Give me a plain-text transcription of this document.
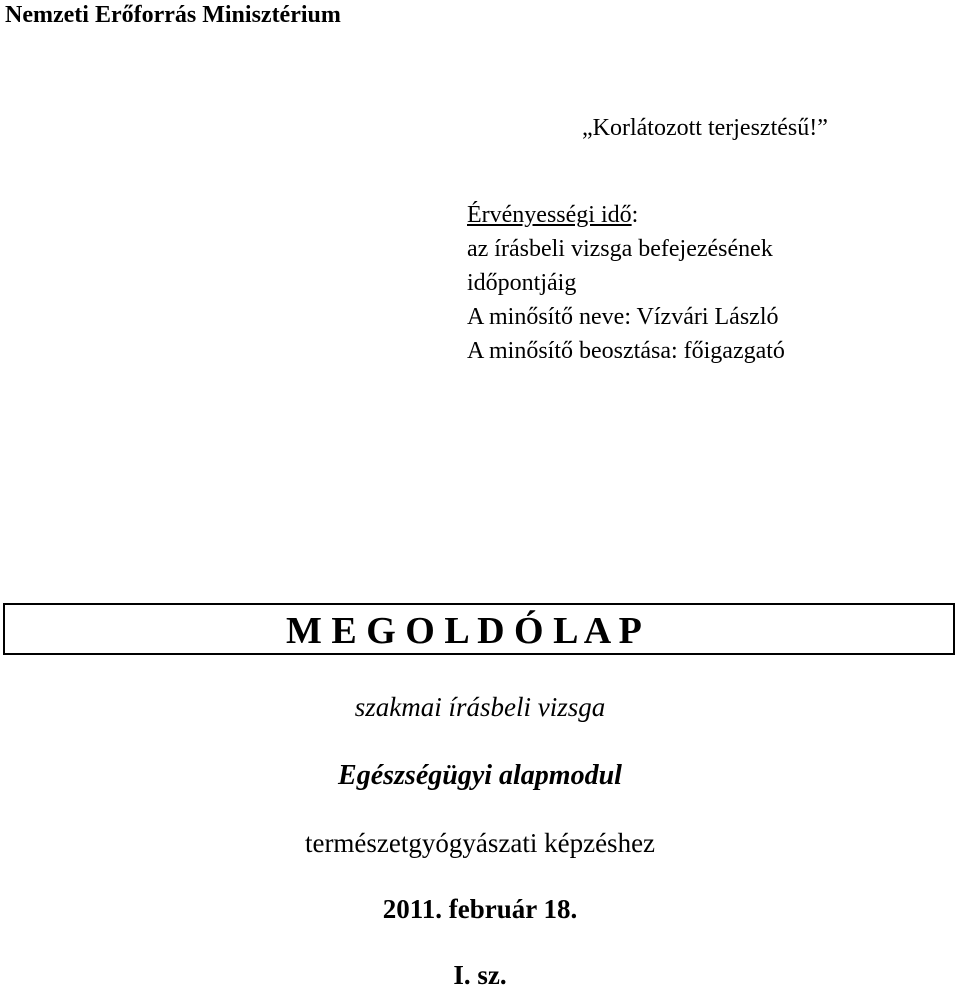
Nemzeti Erőforrás Minisztérium
„Korlátozott terjesztésű!”
Érvényességi idő:
az írásbeli vizsga befejezésének
időpontjáig
A minősítő neve: Vízvári László
A minősítő beosztása: főigazgató
M E G O L D Ó L A P
szakmai írásbeli vizsga
Egészségügyi alapmodul
természetgyógyászati képzéshez
2011. február 18.
I. sz.
